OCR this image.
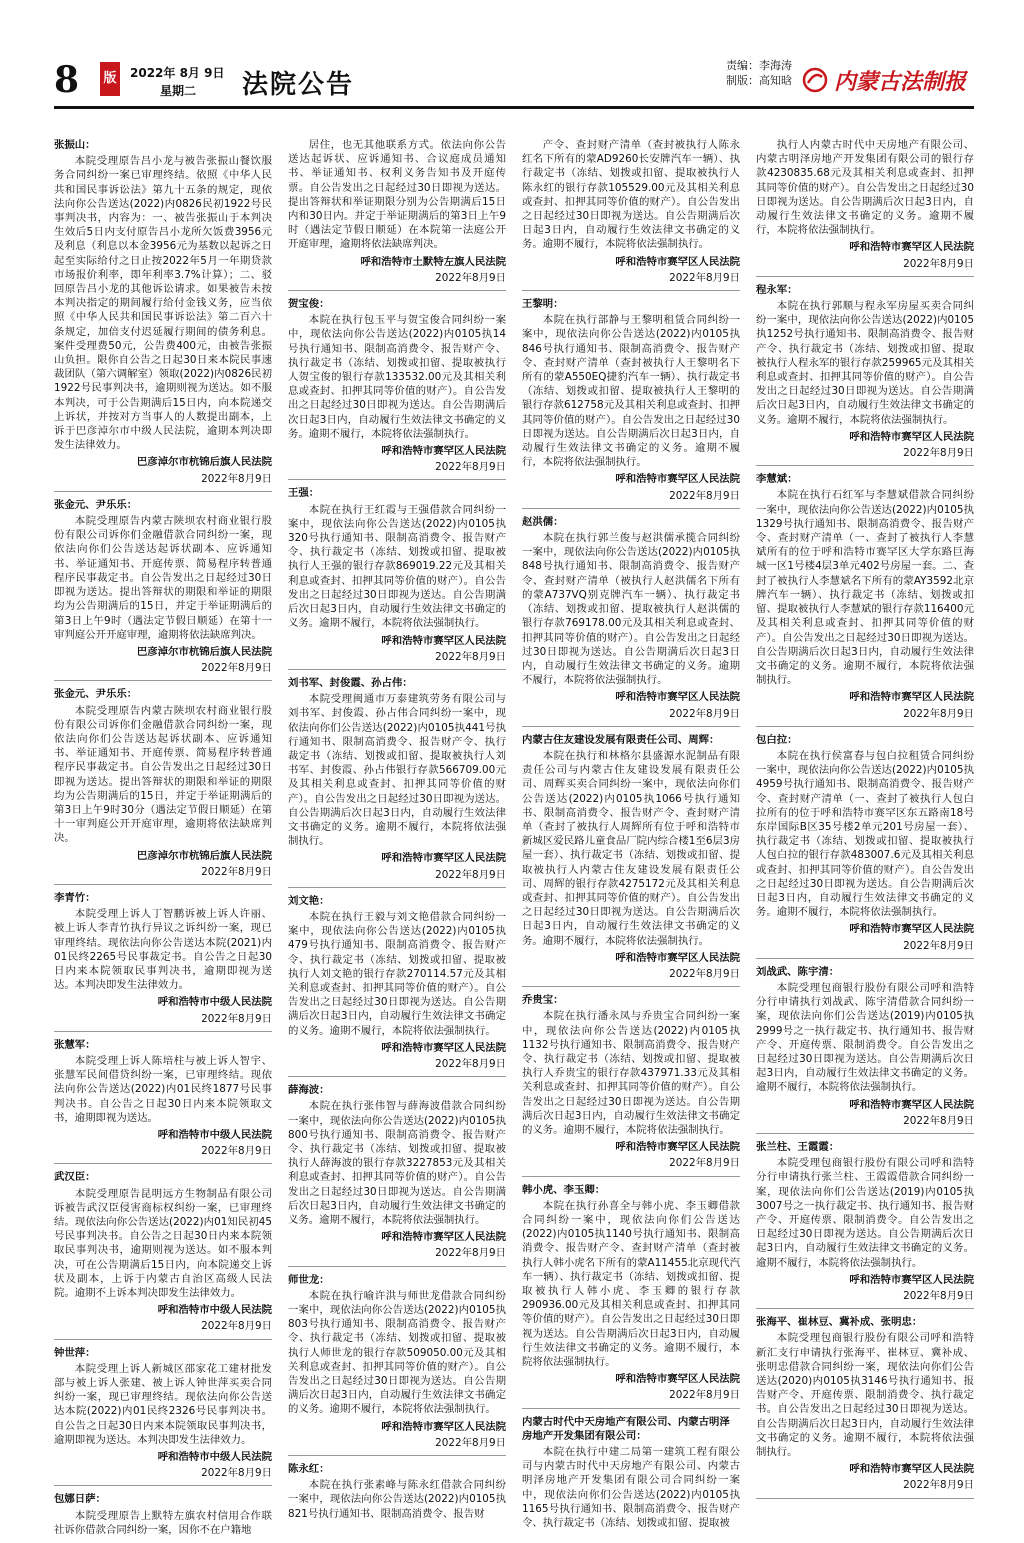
8	版 2022年 8月 9日
星期二 法院公告
责编：李海涛
制版：高知晗 内蒙古法制报
张振山：

本院受理原告吕小龙与被告张振山餐饮服务合同纠纷一案已审理终结。依照《中华人民共和国民事诉讼法》第九十五条的规定，现依法向你公告送达(2022)内0826民初1922号民事判决书，内容为：一、被告张振山于本判决生效后5日内支付原告吕小龙所欠饭费3956元及利息（利息以本金3956元为基数以起诉之日起至实际给付之日止按2022年5月一年期贷款市场报价利率，即年利率3.7%计算）；二、驳回原告吕小龙的其他诉讼请求。如果被告未按本判决指定的期间履行给付金钱义务，应当依照《中华人民共和国民事诉讼法》第二百六十条规定，加倍支付迟延履行期间的债务利息。案件受理费50元，公告费400元，由被告张振山负担。限你自公告之日起30日来本院民事速裁团队（第六调解室）领取(2022)内0826民初1922号民事判决书，逾期则视为送达。如不服本判决，可于公告期满后15日内，向本院递交上诉状，并按对方当事人的人数提出副本，上诉于巴彦淖尔市中级人民法院，逾期本判决即发生法律效力。

巴彦淖尔市杭锦后旗人民法院
2022年8月9日
张金元、尹乐乐：

本院受理原告内蒙古陕坝农村商业银行股份有限公司诉你们金融借款合同纠纷一案，现依法向你们公告送达起诉状副本、应诉通知书、举证通知书、开庭传票、简易程序转普通程序民事裁定书。自公告发出之日起经过30日即视为送达。提出答辩状的期限和举证的期限均为公告期满后的15日，并定于举证期满后的第3日上午9时（遇法定节假日顺延）在第十一审判庭公开开庭审理，逾期将依法缺席判决。

巴彦淖尔市杭锦后旗人民法院
2022年8月9日
张金元、尹乐乐：

本院受理原告内蒙古陕坝农村商业银行股份有限公司诉你们金融借款合同纠纷一案，现依法向你们公告送达起诉状副本、应诉通知书、举证通知书、开庭传票、简易程序转普通程序民事裁定书。自公告发出之日起经过30日即视为送达。提出答辩状的期限和举证的期限均为公告期满后的15日，并定于举证期满后的第3日上午9时30分（遇法定节假日顺延）在第十一审判庭公开开庭审理，逾期将依法缺席判决。

巴彦淖尔市杭锦后旗人民法院
2022年8月9日
李青竹：

本院受理上诉人丁智鹏诉被上诉人许丽、被上诉人李青竹执行异议之诉纠纷一案，现已审理终结。现依法向你公告送达本院(2021)内01民终2265号民事裁定书。自公告之日起30日内来本院领取民事判决书，逾期即视为送达。本判决即发生法律效力。

呼和浩特市中级人民法院
2022年8月9日
张慧军：

本院受理上诉人陈培柱与被上诉人智宇、张慧军民间借贷纠纷一案，已审理终结。现依法向你公告送达(2022)内01民终1877号民事判决书。自公告之日起30日内来本院领取文书，逾期即视为送达。

呼和浩特市中级人民法院
2022年8月9日
武汉臣：

本院受理原告昆明远方生物制品有限公司诉被告武汉臣侵害商标权纠纷一案，已审理终结。现依法向你公告送达(2022)内01知民初45号民事判决书。自公告之日起30日内来本院领取民事判决书，逾期则视为送达。如不服本判决，可在公告期满后15日内，向本院递交上诉状及副本，上诉于内蒙古自治区高级人民法院。逾期不上诉本判决即发生法律效力。

呼和浩特市中级人民法院
2022年8月9日
钟世萍：

本院受理上诉人新城区邵家花工建材批发部与被上诉人张建、被上诉人钟世萍买卖合同纠纷一案，现已审理终结。现依法向你公告送达本院(2022)内01民终2326号民事判决书。自公告之日起30日内来本院领取民事判决书，逾期即视为送达。本判决即发生法律效力。

呼和浩特市中级人民法院
2022年8月9日
包娜日萨：

本院受理原告上默特左旗农村信用合作联社诉你借款合同纠纷一案，因你不在户籍地

居住，也无其他联系方式。依法向你公告送达起诉状、应诉通知书、合议庭成员通知书、举证通知书、权利义务告知书及开庭传票。自公告发出之日起经过30日即视为送达。提出答辩状和举证期限分别为公告期满后15日内和30日内。并定于举证期满后的第3日上午9时（遇法定节假日顺延）在本院第一法庭公开开庭审理，逾期将依法缺席判决。

呼和浩特市土默特左旗人民法院
2022年8月9日
贺宝俊：

本院在执行包玉平与贺宝俊合同纠纷一案中，现依法向你公告送达(2022)内0105执14号执行通知书、限制高消费令、报告财产令、执行裁定书（冻结、划拨或扣留、提取被执行人贺宝俊的银行存款133532.00元及其相关利息或查封、扣押其同等价值的财产）。自公告发出之日起经过30日即视为送达。自公告期满后次日起3日内，自动履行生效法律文书确定的义务。逾期不履行，本院将依法强制执行。

呼和浩特市赛罕区人民法院
2022年8月9日
王强：

本院在执行王红霞与王强借款合同纠纷一案中，现依法向你公告送达(2022)内0105执320号执行通知书、限制高消费令、报告财产令、执行裁定书（冻结、划拨或扣留、提取被执行人王强的银行存款869019.22元及其相关利息或查封、扣押其同等价值的财产）。自公告发出之日起经过30日即视为送达。自公告期满后次日起3日内，自动履行生效法律文书确定的义务。逾期不履行，本院将依法强制执行。

呼和浩特市赛罕区人民法院
2022年8月9日
刘书军、封俊霞、孙占伟：

本院受理闽通市万泰建筑劳务有限公司与刘书军、封俊霞、孙占伟合同纠纷一案中，现依法向你们公告送达(2022)内0105执441号执行通知书、限制高消费令、报告财产令、执行裁定书（冻结、划拨或扣留、提取被执行人刘书军、封俊霞、孙占伟银行存款566709.00元及其相关利息或查封、扣押其同等价值的财产）。自公告发出之日起经过30日即视为送达。自公告期满后次日起3日内，自动履行生效法律文书确定的义务。逾期不履行，本院将依法强制执行。

呼和浩特市赛罕区人民法院
2022年8月9日
刘文艳：

本院在执行王毅与刘文艳借款合同纠纷一案中，现依法向你公告送达(2022)内0105执479号执行通知书、限制高消费令、报告财产令、执行裁定书（冻结、划拨或扣留、提取被执行人刘文艳的银行存款270114.57元及其相关利息或查封、扣押其同等价值的财产）。自公告发出之日起经过30日即视为送达。自公告期满后次日起3日内，自动履行生效法律文书确定的义务。逾期不履行，本院将依法强制执行。

呼和浩特市赛罕区人民法院
2022年8月9日
薛海波：

本院在执行张伟智与薛海波借款合同纠纷一案中，现依法向你公告送达(2022)内0105执800号执行通知书、限制高消费令、报告财产令、执行裁定书（冻结、划拨或扣留、提取被执行人薛海波的银行存款3227853元及其相关利息或查封、扣押其同等价值的财产）。自公告发出之日起经过30日即视为送达。自公告期满后次日起3日内，自动履行生效法律文书确定的义务。逾期不履行，本院将依法强制执行。

呼和浩特市赛罕区人民法院
2022年8月9日
师世龙：

本院在执行喻许洪与师世龙借款合同纠纷一案中，现依法向你公告送达(2022)内0105执803号执行通知书、限制高消费令、报告财产令、执行裁定书（冻结、划拨或扣留、提取被执行人师世龙的银行存款509050.00元及其相关利息或查封、扣押其同等价值的财产）。自公告发出之日起经过30日即视为送达。自公告期满后次日起3日内，自动履行生效法律文书确定的义务。逾期不履行，本院将依法强制执行。

呼和浩特市赛罕区人民法院
2022年8月9日
陈永红：

本院在执行张素峰与陈永红借款合同纠纷一案中，现依法向你公告送达(2022)内0105执821号执行通知书、限制高消费令、报告财

产令、查封财产清单（查封被执行人陈永红名下所有的蒙AD9260长安牌汽车一辆）、执行裁定书（冻结、划拨或扣留、提取被执行人陈永红的银行存款105529.00元及其相关利息或查封、扣押其同等价值的财产）。自公告发出之日起经过30日即视为送达。自公告期满后次日起3日内，自动履行生效法律文书确定的义务。逾期不履行，本院将依法强制执行。

呼和浩特市赛罕区人民法院
2022年8月9日
王黎明：

本院在执行部静与王黎明租赁合同纠纷一案中，现依法向你公告送达(2022)内0105执846号执行通知书、限制高消费令、报告财产令、查封财产清单（查封被执行人王黎明名下所有的蒙A550EQ捷豹汽车一辆）、执行裁定书（冻结、划拨或扣留、提取被执行人王黎明的银行存款612758元及其相关利息或查封、扣押其同等价值的财产）。自公告发出之日起经过30日即视为送达。自公告期满后次日起3日内，自动履行生效法律文书确定的义务。逾期不履行，本院将依法强制执行。

呼和浩特市赛罕区人民法院
2022年8月9日
赵洪儒：

本院在执行郭兰俊与赵洪儒承揽合同纠纷一案中，现依法向你公告送达(2022)内0105执848号执行通知书、限制高消费令、报告财产令、查封财产清单（被执行人赵洪儒名下所有的蒙A737VQ别克牌汽车一辆）、执行裁定书（冻结、划拨或扣留、提取被执行人赵洪儒的银行存款769178.00元及其相关利息或查封、扣押其同等价值的财产）。自公告发出之日起经过30日即视为送达。自公告期满后次日起3日内，自动履行生效法律文书确定的义务。逾期不履行，本院将依法强制执行。

呼和浩特市赛罕区人民法院
2022年8月9日
内蒙古住友建设发展有限责任公司、周辉：

本院在执行和林格尔县盛源水泥制品有限责任公司与内蒙古住友建设发展有限责任公司、周辉买卖合同纠纷一案中，现依法向你们公告送达(2022)内0105执1066号执行通知书、限制高消费令、报告财产令、查封财产清单（查封了被执行人周辉所有位于呼和浩特市新城区爱民路儿童食品厂院内综合楼1至6层3房屋一套）、执行裁定书（冻结、划拨或扣留、提取被执行人内蒙古住友建设发展有限责任公司、周辉的银行存款4275172元及其相关利息或查封、扣押其同等价值的财产）。自公告发出之日起经过30日即视为送达。自公告期满后次日起3日内，自动履行生效法律文书确定的义务。逾期不履行，本院将依法强制执行。

呼和浩特市赛罕区人民法院
2022年8月9日
乔贵宝：

本院在执行潘永凤与乔贵宝合同纠纷一案中，现依法向你公告送达(2022)内0105执1132号执行通知书、限制高消费令、报告财产令、执行裁定书（冻结、划拨或扣留、提取被执行人乔贵宝的银行存款437971.33元及其相关利息或查封、扣押其同等价值的财产）。自公告发出之日起经过30日即视为送达。自公告期满后次日起3日内，自动履行生效法律文书确定的义务。逾期不履行，本院将依法强制执行。

呼和浩特市赛罕区人民法院
2022年8月9日
韩小虎、李玉卿：

本院在执行孙喜全与韩小虎、李玉卿借款合同纠纷一案中，现依法向你们公告送达(2022)内0105执1140号执行通知书、限制高消费令、报告财产令、查封财产清单（查封被执行人韩小虎名下所有的蒙A11455北京现代汽车一辆）、执行裁定书（冻结、划拨或扣留、提取被执行人韩小虎、李玉卿的银行存款290936.00元及其相关利息或查封、扣押其同等价值的财产）。自公告发出之日起经过30日即视为送达。自公告期满后次日起3日内，自动履行生效法律文书确定的义务。逾期不履行，本院将依法强制执行。

呼和浩特市赛罕区人民法院
2022年8月9日
内蒙古时代中天房地产有限公司、内蒙古明泽房地产开发集团有限公司：

本院在执行中建二局第一建筑工程有限公司与内蒙古时代中天房地产有限公司、内蒙古明泽房地产开发集团有限公司合同纠纷一案中，现依法向你们公告送达(2022)内0105执1165号执行通知书、限制高消费令、报告财产令、执行裁定书（冻结、划拨或扣留、提取被

执行人内蒙古时代中天房地产有限公司、内蒙古明泽房地产开发集团有限公司的银行存款4230835.68元及其相关利息或查封、扣押其同等价值的财产）。自公告发出之日起经过30日即视为送达。自公告期满后次日起3日内，自动履行生效法律文书确定的义务。逾期不履行，本院将依法强制执行。

呼和浩特市赛罕区人民法院
2022年8月9日
程永军：

本院在执行郭顺与程永军房屋买卖合同纠纷一案中，现依法向你公告送达(2022)内0105执1252号执行通知书、限制高消费令、报告财产令、执行裁定书（冻结、划拨或扣留、提取被执行人程永军的银行存款259965元及其相关利息或查封、扣押其同等价值的财产）。自公告发出之日起经过30日即视为送达。自公告期满后次日起3日内，自动履行生效法律文书确定的义务。逾期不履行，本院将依法强制执行。

呼和浩特市赛罕区人民法院
2022年8月9日
李慧斌：

本院在执行石红军与李慧斌借款合同纠纷一案中，现依法向你公告送达(2022)内0105执1329号执行通知书、限制高消费令、报告财产令、查封财产清单（一、查封了被执行人李慧斌所有的位于呼和浩特市赛罕区大学东路巨海城一区1号楼4层3单元402号房屋一套。二、查封了被执行人李慧斌名下所有的蒙AY3592北京牌汽车一辆）、执行裁定书（冻结、划拨或扣留、提取被执行人李慧斌的银行存款116400元及其相关利息或查封、扣押其同等价值的财产）。自公告发出之日起经过30日即视为送达。自公告期满后次日起3日内，自动履行生效法律文书确定的义务。逾期不履行，本院将依法强制执行。

呼和浩特市赛罕区人民法院
2022年8月9日
包白拉：

本院在执行侯富春与包白拉租赁合同纠纷一案中，现依法向你公告送达(2022)内0105执4959号执行通知书、限制高消费令、报告财产令、查封财产清单（一、查封了被执行人包白拉所有的位于呼和浩特市赛罕区东五路南18号东岸国际B区35号楼2单元201号房屋一套）、执行裁定书（冻结、划拨或扣留、提取被执行人包白拉的银行存款483007.6元及其相关利息或查封、扣押其同等价值的财产）。自公告发出之日起经过30日即视为送达。自公告期满后次日起3日内，自动履行生效法律文书确定的义务。逾期不履行，本院将依法强制执行。

呼和浩特市赛罕区人民法院
2022年8月9日
刘战武、陈宇清：

本院受理包商银行股份有限公司呼和浩特分行申请执行刘战武、陈宇清借款合同纠纷一案，现依法向你们公告送达(2019)内0105执2999号之一执行裁定书、执行通知书、报告财产令、开庭传票、限制消费令。自公告发出之日起经过30日即视为送达。自公告期满后次日起3日内，自动履行生效法律文书确定的义务。逾期不履行，本院将依法强制执行。

呼和浩特市赛罕区人民法院
2022年8月9日
张兰柱、王霞霞：

本院受理包商银行股份有限公司呼和浩特分行申请执行张兰柱、王霞霞借款合同纠纷一案，现依法向你们公告送达(2019)内0105执3007号之一执行裁定书、执行通知书、报告财产令、开庭传票、限制消费令。自公告发出之日起经过30日即视为送达。自公告期满后次日起3日内，自动履行生效法律文书确定的义务。逾期不履行，本院将依法强制执行。

呼和浩特市赛罕区人民法院
2022年8月9日
张海平、崔林豆、冀补成、张明忠：

本院受理包商银行股份有限公司呼和浩特新汇支行申请执行张海平、崔林豆、冀补成、张明忠借款合同纠纷一案，现依法向你们公告送达(2020)内0105执3146号执行通知书、报告财产令、开庭传票、限制消费令、执行裁定书。自公告发出之日起经过30日即视为送达。自公告期满后次日起3日内，自动履行生效法律文书确定的义务。逾期不履行，本院将依法强制执行。

呼和浩特市赛罕区人民法院
2022年8月9日
